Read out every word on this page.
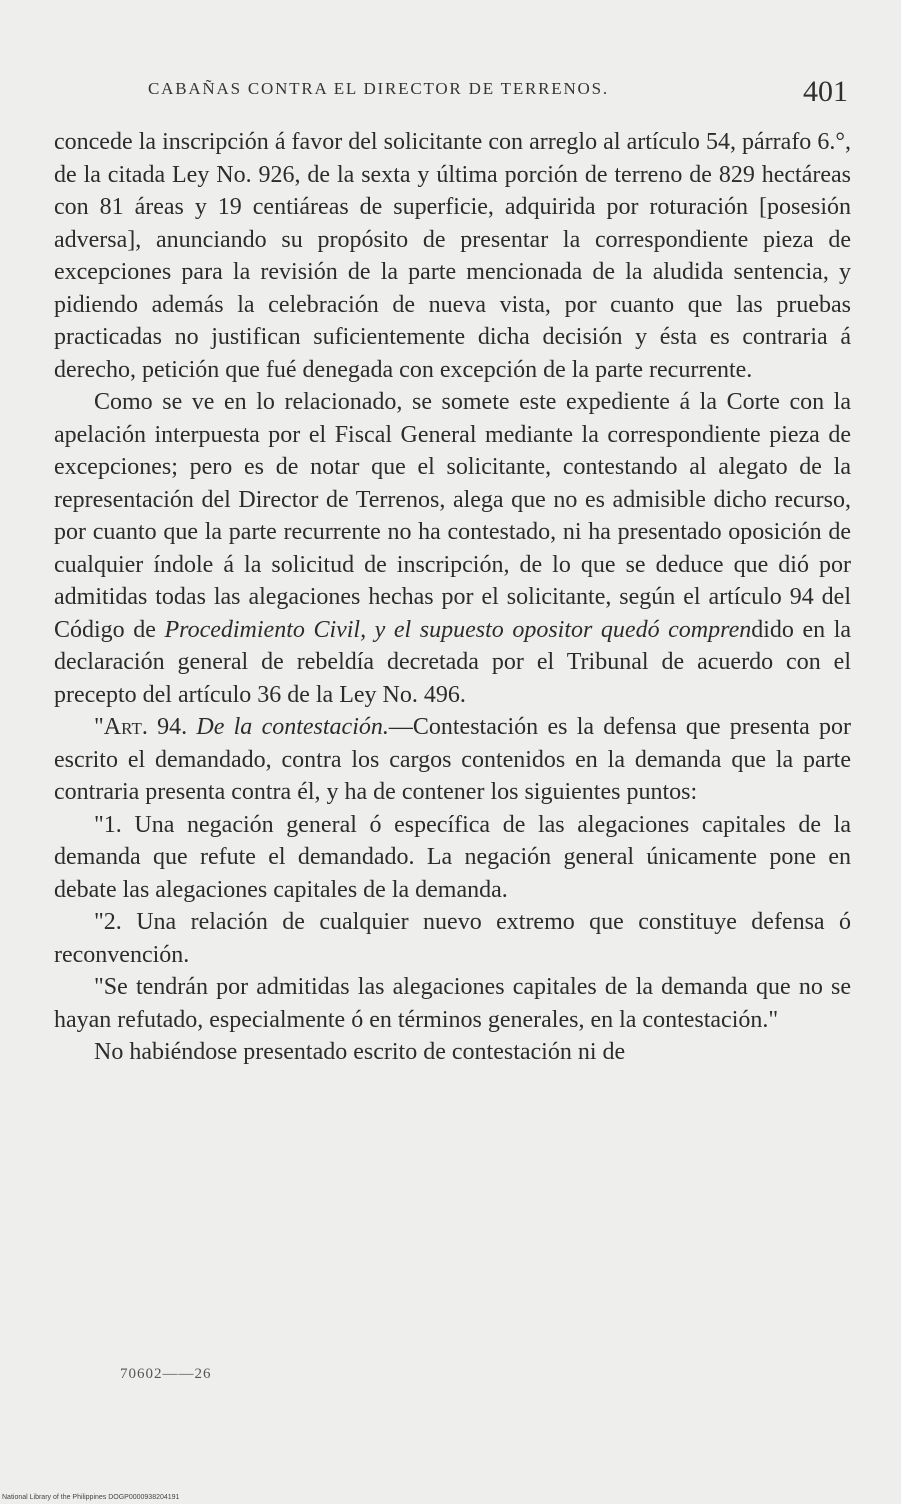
CABAÑAS CONTRA EL DIRECTOR DE TERRENOS.	401

concede la inscripción á favor del solicitante con arreglo al artículo 54, párrafo 6.°, de la citada Ley No. 926, de la sexta y última porción de terreno de 829 hectáreas con 81 áreas y 19 centiáreas de superficie, adquirida por roturación [posesión adversa], anunciando su propósito de presentar la correspondiente pieza de excepciones para la revisión de la parte mencionada de la aludida sentencia, y pidiendo además la celebración de nueva vista, por cuanto que las pruebas practicadas no justifican suficientemente dicha decisión y ésta es contraria á derecho, petición que fué denegada con excepción de la parte recurrente.

Como se ve en lo relacionado, se somete este expediente á la Corte con la apelación interpuesta por el Fiscal General mediante la correspondiente pieza de excepciones; pero es de notar que el solicitante, contestando al alegato de la representación del Director de Terrenos, alega que no es admisible dicho recurso, por cuanto que la parte recurrente no ha contestado, ni ha presentado oposición de cualquier índole á la solicitud de inscripción, de lo que se deduce que dió por admitidas todas las alegaciones hechas por el solicitante, según el artículo 94 del Código de Procedimiento Civil, y el supuesto opositor quedó comprendido en la declaración general de rebeldía decretada por el Tribunal de acuerdo con el precepto del artículo 36 de la Ley No. 496.

"Art. 94. De la contestación.—Contestación es la defensa que presenta por escrito el demandado, contra los cargos contenidos en la demanda que la parte contraria presenta contra él, y ha de contener los siguientes puntos:

"1. Una negación general ó específica de las alegaciones capitales de la demanda que refute el demandado. La negación general únicamente pone en debate las alegaciones capitales de la demanda.

"2. Una relación de cualquier nuevo extremo que constituye defensa ó reconvención.

"Se tendrán por admitidas las alegaciones capitales de la demanda que no se hayan refutado, especialmente ó en términos generales, en la contestación."

No habiéndose presentado escrito de contestación ni de

70602——26
National Library of the Philippines DOGP000093820419​1
